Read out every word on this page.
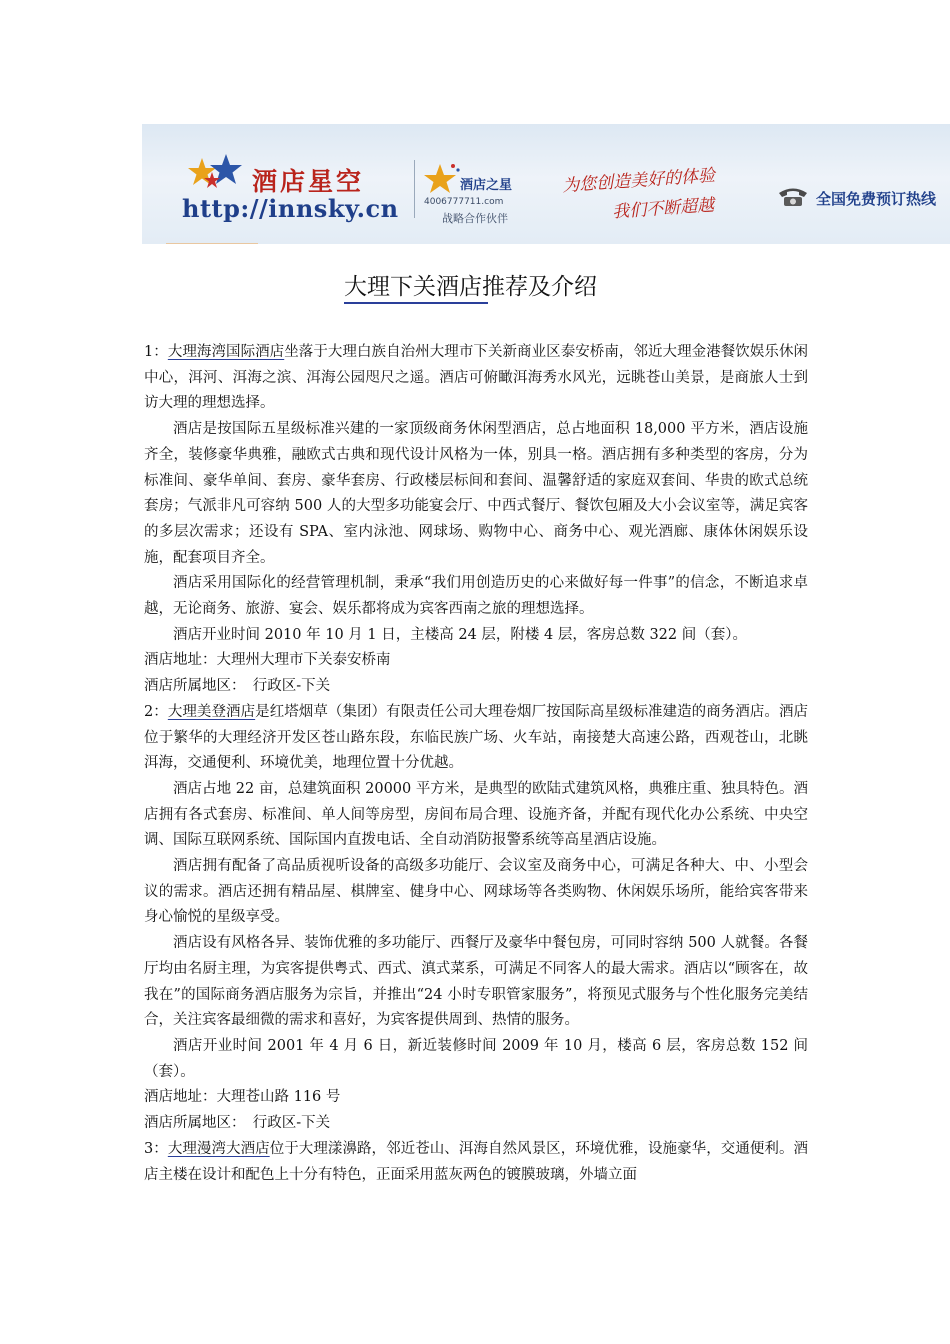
酒店星空
http://innsky.cn
酒店之星
4006777711.com
战略合作伙伴
为您创造美好的体验
我们不断超越	全国免费预订热线
大理下关酒店推荐及介绍

1：大理海湾国际酒店坐落于大理白族自治州大理市下关新商业区泰安桥南，邻近大理金港餐饮娱乐休闲中心，洱河、洱海之滨、洱海公园咫尺之遥。酒店可俯瞰洱海秀水风光，远眺苍山美景，是商旅人士到访大理的理想选择。

酒店是按国际五星级标准兴建的一家顶级商务休闲型酒店，总占地面积 18,000 平方米，酒店设施齐全，装修豪华典雅，融欧式古典和现代设计风格为一体，别具一格。酒店拥有多种类型的客房，分为标准间、豪华单间、套房、豪华套房、行政楼层标间和套间、温馨舒适的家庭双套间、华贵的欧式总统套房；气派非凡可容纳 500 人的大型多功能宴会厅、中西式餐厅、餐饮包厢及大小会议室等，满足宾客的多层次需求；还设有 SPA、室内泳池、网球场、购物中心、商务中心、观光酒廊、康体休闲娱乐设施，配套项目齐全。

酒店采用国际化的经营管理机制，秉承“我们用创造历史的心来做好每一件事”的信念，不断追求卓越，无论商务、旅游、宴会、娱乐都将成为宾客西南之旅的理想选择。

酒店开业时间 2010 年 10 月 1 日，主楼高 24 层，附楼 4 层，客房总数 322 间（套）。

酒店地址：大理州大理市下关泰安桥南

酒店所属地区：　行政区-下关

2：大理美登酒店是红塔烟草（集团）有限责任公司大理卷烟厂按国际高星级标准建造的商务酒店。酒店位于繁华的大理经济开发区苍山路东段，东临民族广场、火车站，南接楚大高速公路，西观苍山，北眺洱海，交通便利、环境优美，地理位置十分优越。

酒店占地 22 亩，总建筑面积 20000 平方米，是典型的欧陆式建筑风格，典雅庄重、独具特色。酒店拥有各式套房、标准间、单人间等房型，房间布局合理、设施齐备，并配有现代化办公系统、中央空调、国际互联网系统、国际国内直拨电话、全自动消防报警系统等高星酒店设施。

酒店拥有配备了高品质视听设备的高级多功能厅、会议室及商务中心，可满足各种大、中、小型会议的需求。酒店还拥有精品屋、棋牌室、健身中心、网球场等各类购物、休闲娱乐场所，能给宾客带来身心愉悦的星级享受。

酒店设有风格各异、装饰优雅的多功能厅、西餐厅及豪华中餐包房，可同时容纳 500 人就餐。各餐厅均由名厨主理，为宾客提供粤式、西式、滇式菜系，可满足不同客人的最大需求。酒店以“顾客在，故我在”的国际商务酒店服务为宗旨，并推出“24 小时专职管家服务”，将预见式服务与个性化服务完美结合，关注宾客最细微的需求和喜好，为宾客提供周到、热情的服务。

酒店开业时间 2001 年 4 月 6 日，新近装修时间 2009 年 10 月，楼高 6 层，客房总数 152 间（套）。

酒店地址：大理苍山路 116 号

酒店所属地区：　行政区-下关

3：大理漫湾大酒店位于大理漾濞路，邻近苍山、洱海自然风景区，环境优雅，设施豪华，交通便利。酒店主楼在设计和配色上十分有特色，正面采用蓝灰两色的镀膜玻璃，外墙立面
